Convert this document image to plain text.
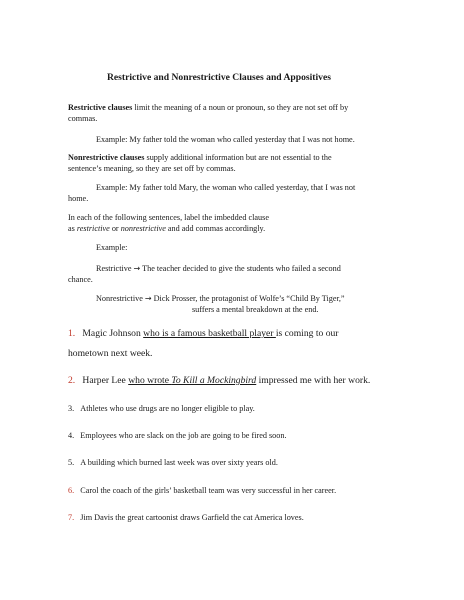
Restrictive and Nonrestrictive Clauses and Appositives
Restrictive clauses limit the meaning of a noun or pronoun, so they are not set off by
commas.
Example: My father told the woman who called yesterday that I was not home.
Nonrestrictive clauses supply additional information but are not essential to the
sentence’s meaning, so they are set off by commas.
Example: My father told Mary, the woman who called yesterday, that I was not
home.
In each of the following sentences, label the imbedded clause
as restrictive or nonrestrictive and add commas accordingly.
Example:
Restrictive → The teacher decided to give the students who failed a second
chance.
Nonrestrictive → Dick Prosser, the protagonist of Wolfe’s “Child By Tiger,”
suffers a mental breakdown at the end.
1. Magic Johnson who is a famous basketball player is coming to our
hometown next week.
2. Harper Lee who wrote To Kill a Mockingbird impressed me with her work.
3. Athletes who use drugs are no longer eligible to play.
4. Employees who are slack on the job are going to be fired soon.
5. A building which burned last week was over sixty years old.
6. Carol the coach of the girls’ basketball team was very successful in her career.
7. Jim Davis the great cartoonist draws Garfield the cat America loves.
